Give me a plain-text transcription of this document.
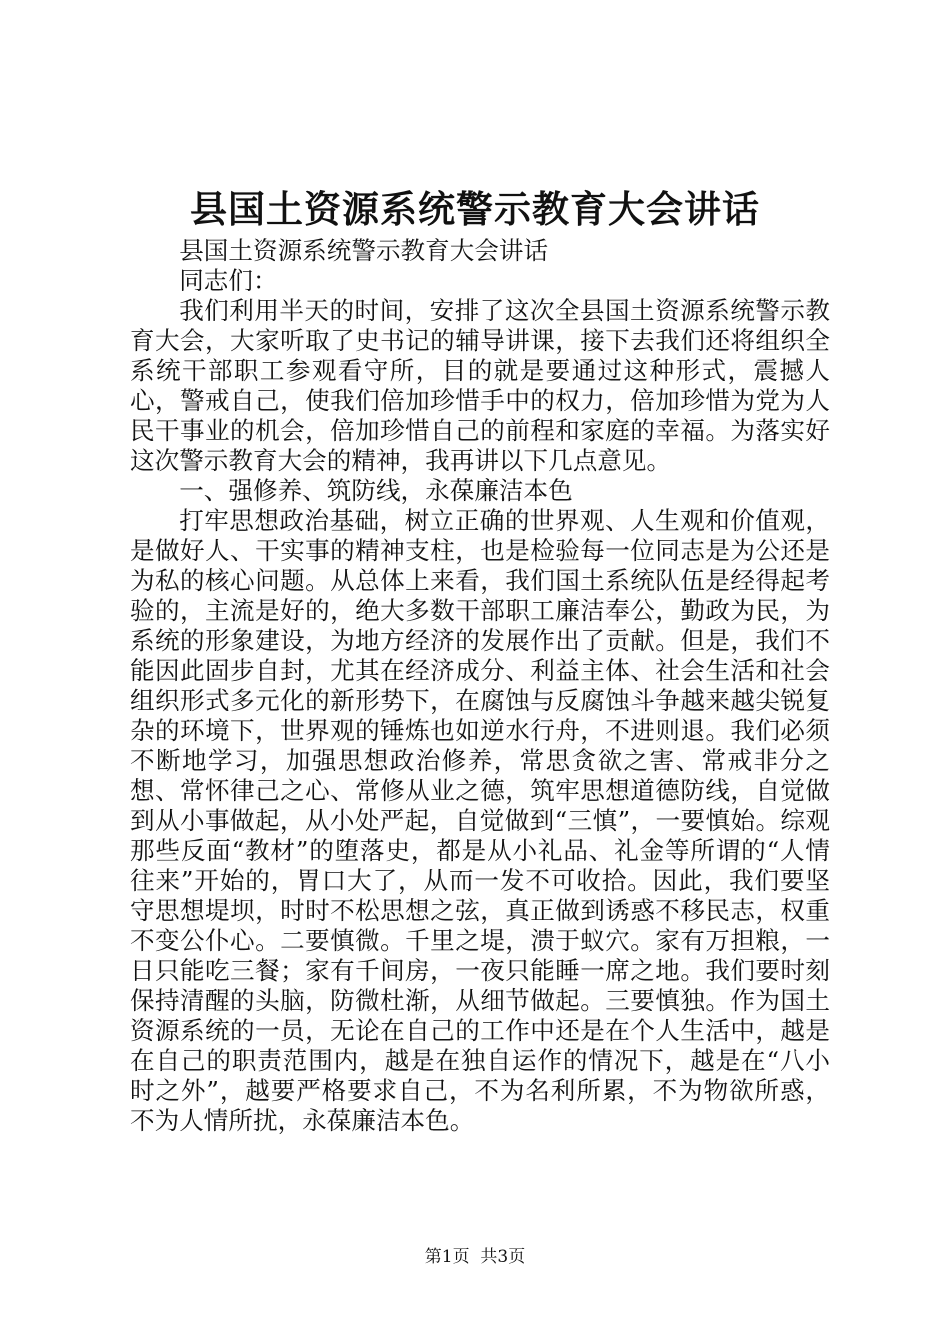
县国土资源系统警示教育大会讲话

县国土资源系统警示教育大会讲话

同志们：

我们利用半天的时间，安排了这次全县国土资源系统警示教育大会，大家听取了史书记的辅导讲课，接下去我们还将组织全系统干部职工参观看守所，目的就是要通过这种形式，震撼人心，警戒自己，使我们倍加珍惜手中的权力，倍加珍惜为党为人民干事业的机会，倍加珍惜自己的前程和家庭的幸福。为落实好这次警示教育大会的精神，我再讲以下几点意见。

一、强修养、筑防线，永葆廉洁本色

打牢思想政治基础，树立正确的世界观、人生观和价值观，是做好人、干实事的精神支柱，也是检验每一位同志是为公还是为私的核心问题。从总体上来看，我们国土系统队伍是经得起考验的，主流是好的，绝大多数干部职工廉洁奉公，勤政为民，为系统的形象建设，为地方经济的发展作出了贡献。但是，我们不能因此固步自封，尤其在经济成分、利益主体、社会生活和社会组织形式多元化的新形势下，在腐蚀与反腐蚀斗争越来越尖锐复杂的环境下，世界观的锤炼也如逆水行舟，不进则退。我们必须不断地学习，加强思想政治修养，常思贪欲之害、常戒非分之想、常怀律己之心、常修从业之德，筑牢思想道德防线，自觉做到从小事做起，从小处严起，自觉做到“三慎”，一要慎始。综观那些反面“教材”的堕落史，都是从小礼品、礼金等所谓的“人情往来”开始的，胃口大了，从而一发不可收拾。因此，我们要坚守思想堤坝，时时不松思想之弦，真正做到诱惑不移民志，权重不变公仆心。二要慎微。千里之堤，溃于蚁穴。家有万担粮，一日只能吃三餐；家有千间房，一夜只能睡一席之地。我们要时刻保持清醒的头脑，防微杜渐，从细节做起。三要慎独。作为国土资源系统的一员，无论在自己的工作中还是在个人生活中，越是在自己的职责范围内，越是在独自运作的情况下，越是在“八小时之外”，越要严格要求自己，不为名利所累，不为物欲所惑，不为人情所扰，永葆廉洁本色。

第1页  共3页
